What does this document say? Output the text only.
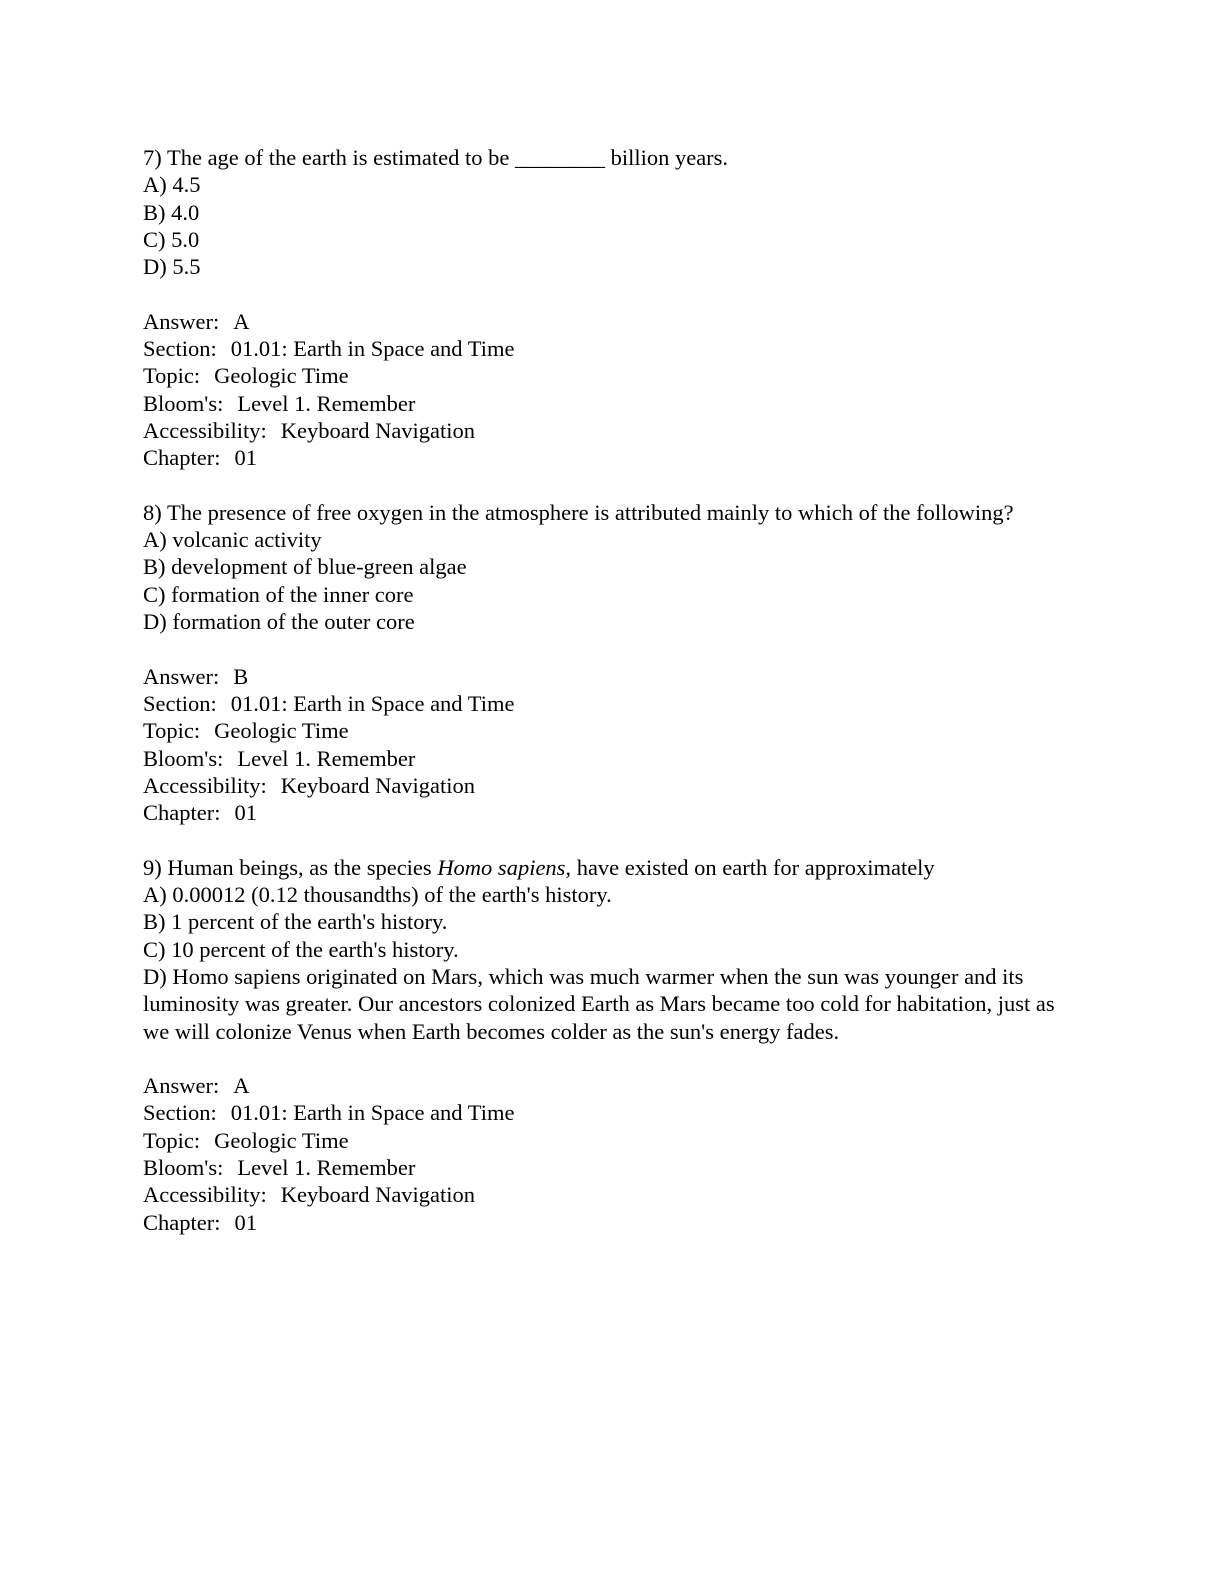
7) The age of the earth is estimated to be ________ billion years.
A) 4.5
B) 4.0
C) 5.0
D) 5.5
Answer: A
Section: 01.01: Earth in Space and Time
Topic: Geologic Time
Bloom's: Level 1. Remember
Accessibility: Keyboard Navigation
Chapter: 01
8) The presence of free oxygen in the atmosphere is attributed mainly to which of the following?
A) volcanic activity
B) development of blue-green algae
C) formation of the inner core
D) formation of the outer core
Answer: B
Section: 01.01: Earth in Space and Time
Topic: Geologic Time
Bloom's: Level 1. Remember
Accessibility: Keyboard Navigation
Chapter: 01
9) Human beings, as the species Homo sapiens, have existed on earth for approximately
A) 0.00012 (0.12 thousandths) of the earth's history.
B) 1 percent of the earth's history.
C) 10 percent of the earth's history.
D) Homo sapiens originated on Mars, which was much warmer when the sun was younger and its luminosity was greater. Our ancestors colonized Earth as Mars became too cold for habitation, just as we will colonize Venus when Earth becomes colder as the sun's energy fades.
Answer: A
Section: 01.01: Earth in Space and Time
Topic: Geologic Time
Bloom's: Level 1. Remember
Accessibility: Keyboard Navigation
Chapter: 01
